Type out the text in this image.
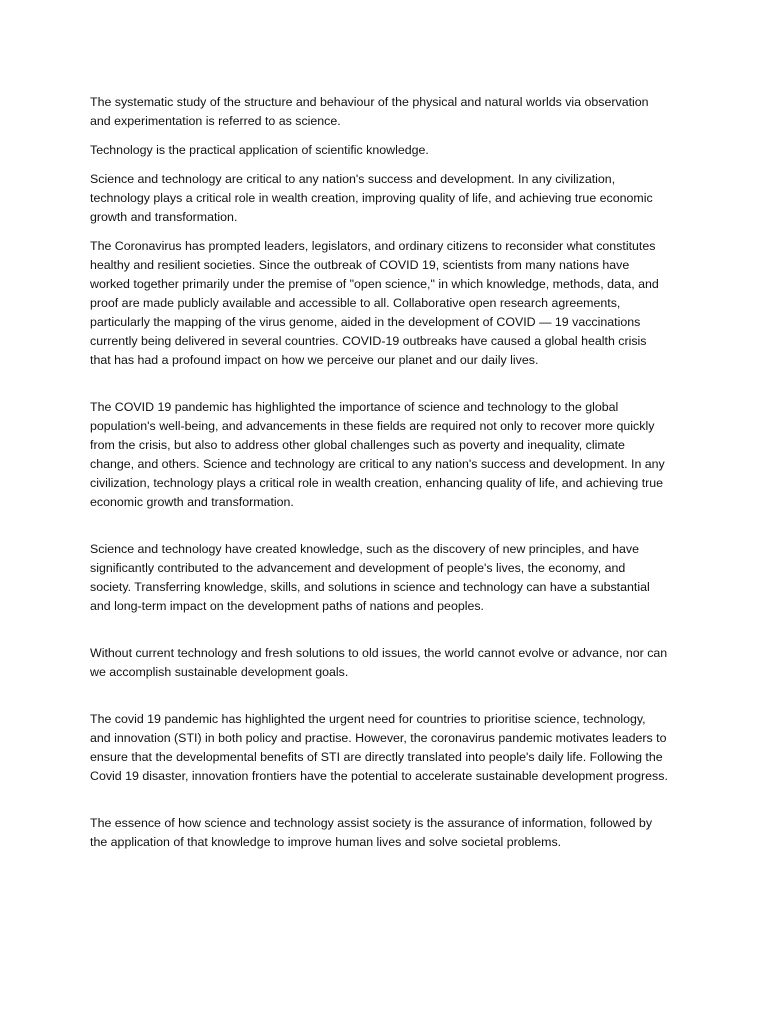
The systematic study of the structure and behaviour of the physical and natural worlds via observation and experimentation is referred to as science.

Technology is the practical application of scientific knowledge.

Science and technology are critical to any nation's success and development. In any civilization, technology plays a critical role in wealth creation, improving quality of life, and achieving true economic growth and transformation.

The Coronavirus has prompted leaders, legislators, and ordinary citizens to reconsider what constitutes healthy and resilient societies. Since the outbreak of COVID 19, scientists from many nations have worked together primarily under the premise of "open science," in which knowledge, methods, data, and proof are made publicly available and accessible to all. Collaborative open research agreements, particularly the mapping of the virus genome, aided in the development of COVID — 19 vaccinations currently being delivered in several countries. COVID-19 outbreaks have caused a global health crisis that has had a profound impact on how we perceive our planet and our daily lives.

The COVID 19 pandemic has highlighted the importance of science and technology to the global population's well-being, and advancements in these fields are required not only to recover more quickly from the crisis, but also to address other global challenges such as poverty and inequality, climate change, and others. Science and technology are critical to any nation's success and development. In any civilization, technology plays a critical role in wealth creation, enhancing quality of life, and achieving true economic growth and transformation.

Science and technology have created knowledge, such as the discovery of new principles, and have significantly contributed to the advancement and development of people's lives, the economy, and society. Transferring knowledge, skills, and solutions in science and technology can have a substantial and long-term impact on the development paths of nations and peoples.

Without current technology and fresh solutions to old issues, the world cannot evolve or advance, nor can we accomplish sustainable development goals.

The covid 19 pandemic has highlighted the urgent need for countries to prioritise science, technology, and innovation (STI) in both policy and practise. However, the coronavirus pandemic motivates leaders to ensure that the developmental benefits of STI are directly translated into people's daily life. Following the Covid 19 disaster, innovation frontiers have the potential to accelerate sustainable development progress.

The essence of how science and technology assist society is the assurance of information, followed by the application of that knowledge to improve human lives and solve societal problems.
